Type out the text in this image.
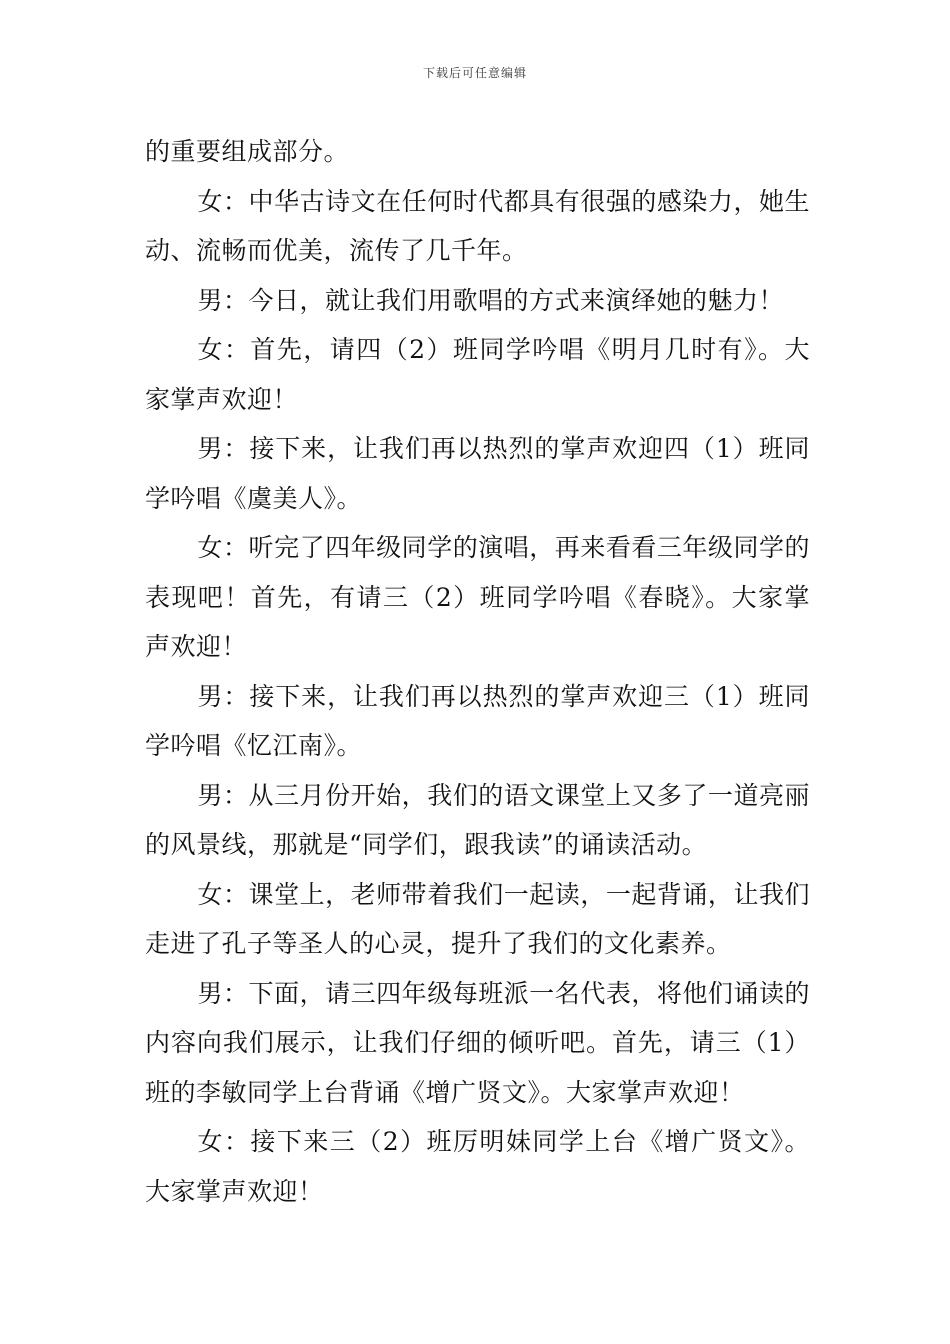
下载后可任意编辑

的重要组成部分。

女：中华古诗文在任何时代都具有很强的感染力，她生动、流畅而优美，流传了几千年。

男：今日，就让我们用歌唱的方式来演绎她的魅力！

女：首先，请四（2）班同学吟唱《明月几时有》。大家掌声欢迎！

男：接下来，让我们再以热烈的掌声欢迎四（1）班同学吟唱《虞美人》。

女：听完了四年级同学的演唱，再来看看三年级同学的表现吧！首先，有请三（2）班同学吟唱《春晓》。大家掌声欢迎！

男：接下来，让我们再以热烈的掌声欢迎三（1）班同学吟唱《忆江南》。

男：从三月份开始，我们的语文课堂上又多了一道亮丽的风景线，那就是“同学们，跟我读”的诵读活动。

女：课堂上，老师带着我们一起读，一起背诵，让我们走进了孔子等圣人的心灵，提升了我们的文化素养。

男：下面，请三四年级每班派一名代表，将他们诵读的内容向我们展示，让我们仔细的倾听吧。首先，请三（1）班的李敏同学上台背诵《增广贤文》。大家掌声欢迎！

女：接下来三（2）班厉明妹同学上台《增广贤文》。大家掌声欢迎！
